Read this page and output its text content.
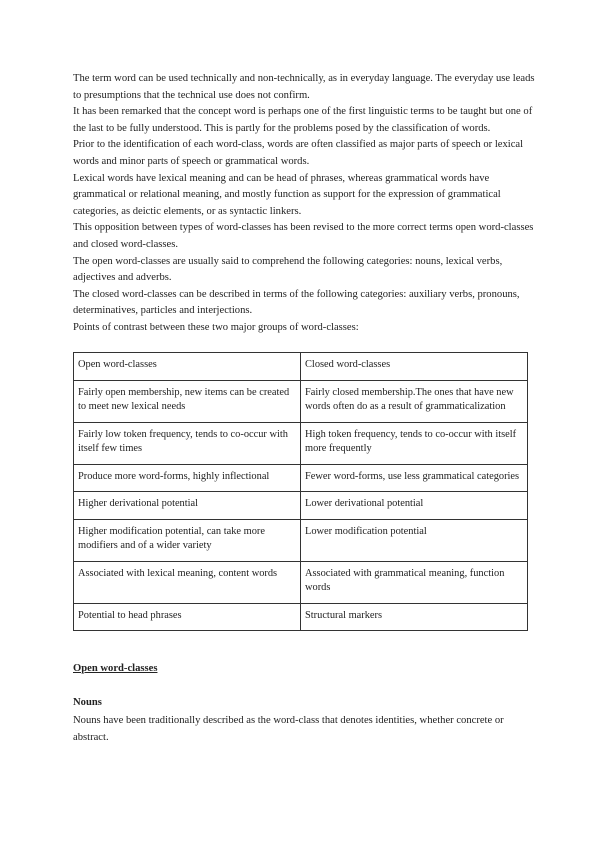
The term word can be used technically and non-technically, as in everyday language. The everyday use leads to presumptions that the technical use does not confirm.

It has been remarked that the concept word is perhaps one of the first linguistic terms to be taught but one of the last to be fully understood. This is partly for the problems posed by the classification of words.

Prior to the identification of each word-class, words are often classified as major parts of speech or lexical words and minor parts of speech or grammatical words.

Lexical words have lexical meaning and can be head of phrases, whereas grammatical words have grammatical or relational meaning, and mostly function as support for the expression of grammatical categories, as deictic elements, or as syntactic linkers.

This opposition between types of word-classes has been revised to the more correct terms open word-classes and closed word-classes.

The open word-classes are usually said to comprehend the following categories: nouns, lexical verbs, adjectives and adverbs.

The closed word-classes can be described in terms of the following categories: auxiliary verbs, pronouns, determinatives, particles and interjections.

Points of contrast between these two major groups of word-classes:

Open word-classes	Closed word-classes
Fairly open membership, new items can be created to meet new lexical needs	Fairly closed membership.The ones that have new words often do as a result of grammaticalization
Fairly low token frequency, tends to co-occur with itself few times	High token frequency, tends to co-occur with itself more frequently
Produce more word-forms, highly inflectional	Fewer word-forms, use less grammatical categories
Higher derivational potential	Lower derivational potential
Higher modification potential, can take more modifiers and of a wider variety	Lower modification potential
Associated with lexical meaning, content words	Associated with grammatical meaning, function words
Potential to head phrases	Structural markers
Open word-classes
Nouns

Nouns have been traditionally described as the word-class that denotes identities, whether concrete or abstract.
